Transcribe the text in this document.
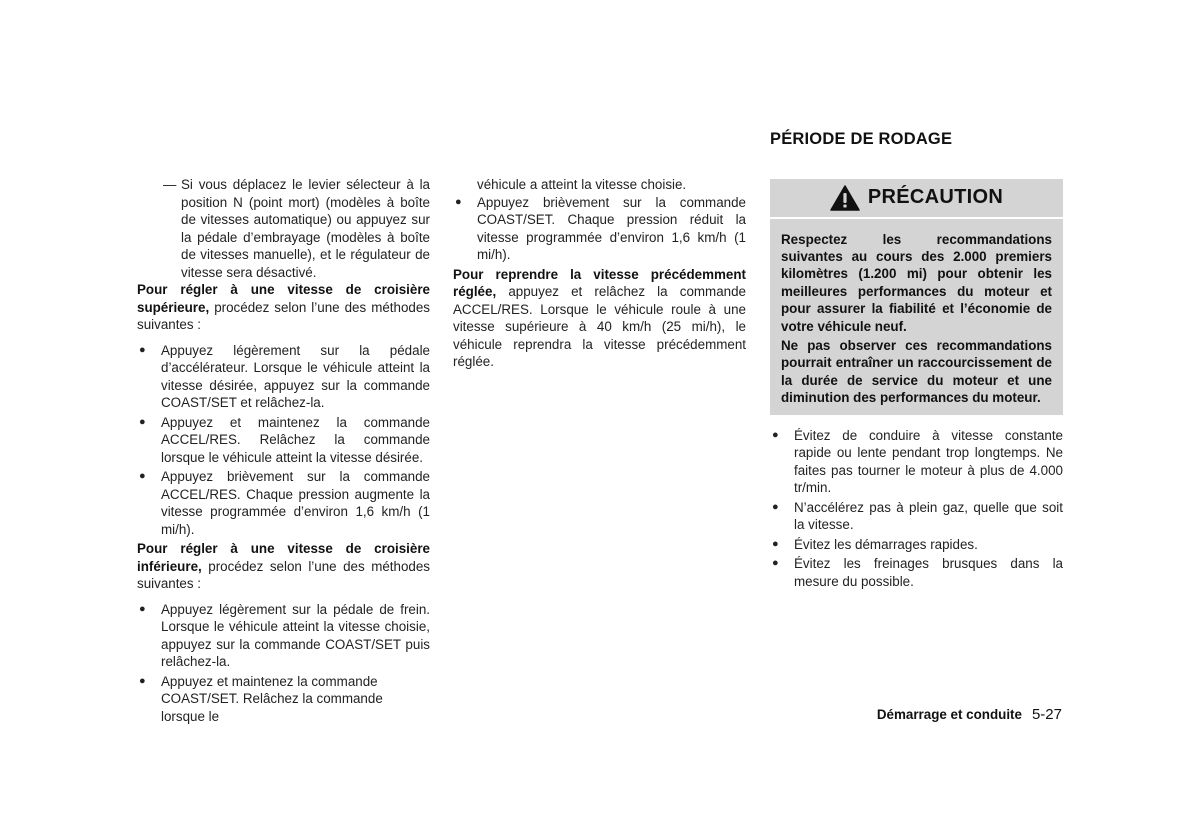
— Si vous déplacez le levier sélecteur à la position N (point mort) (modèles à boîte de vitesses automatique) ou appuyez sur la pédale d’embrayage (modèles à boîte de vitesses manuelle), et le régulateur de vitesse sera désactivé.

Pour régler à une vitesse de croisière supérieure, procédez selon l’une des méthodes suivantes :

●	Appuyez légèrement sur la pédale d’accélérateur. Lorsque le véhicule atteint la vitesse désirée, appuyez sur la commande COAST/SET et relâchez-la.
●	Appuyez et maintenez la commande ACCEL/RES. Relâchez la commande lorsque le véhicule atteint la vitesse désirée.
●	Appuyez brièvement sur la commande ACCEL/RES. Chaque pression augmente la vitesse programmée d’environ 1,6 km/h (1 mi/h).

Pour régler à une vitesse de croisière inférieure, procédez selon l’une des méthodes suivantes :

●	Appuyez légèrement sur la pédale de frein. Lorsque le véhicule atteint la vitesse choisie, appuyez sur la commande COAST/SET puis relâchez-la.
●	Appuyez et maintenez la commande COAST/SET. Relâchez la commande lorsque le

véhicule a atteint la vitesse choisie.

●	Appuyez brièvement sur la commande COAST/SET. Chaque pression réduit la vitesse programmée d’environ 1,6 km/h (1 mi/h).

Pour reprendre la vitesse précédemment réglée, appuyez et relâchez la commande ACCEL/RES. Lorsque le véhicule roule à une vitesse supérieure à 40 km/h (25 mi/h), le véhicule reprendra la vitesse précédemment réglée.

PÉRIODE DE RODAGE
PRÉCAUTION

Respectez les recommandations suivantes au cours des 2.000 premiers kilomètres (1.200 mi) pour obtenir les meilleures performances du moteur et pour assurer la fiabilité et l’économie de votre véhicule neuf.

Ne pas observer ces recommandations pourrait entraîner un raccourcissement de la durée de service du moteur et une diminution des performances du moteur.

●	Évitez de conduire à vitesse constante rapide ou lente pendant trop longtemps. Ne faites pas tourner le moteur à plus de 4.000 tr/min.
●	N’accélérez pas à plein gaz, quelle que soit la vitesse.
●	Évitez les démarrages rapides.
●	Évitez les freinages brusques dans la mesure du possible.
Démarrage et conduite 5-27
